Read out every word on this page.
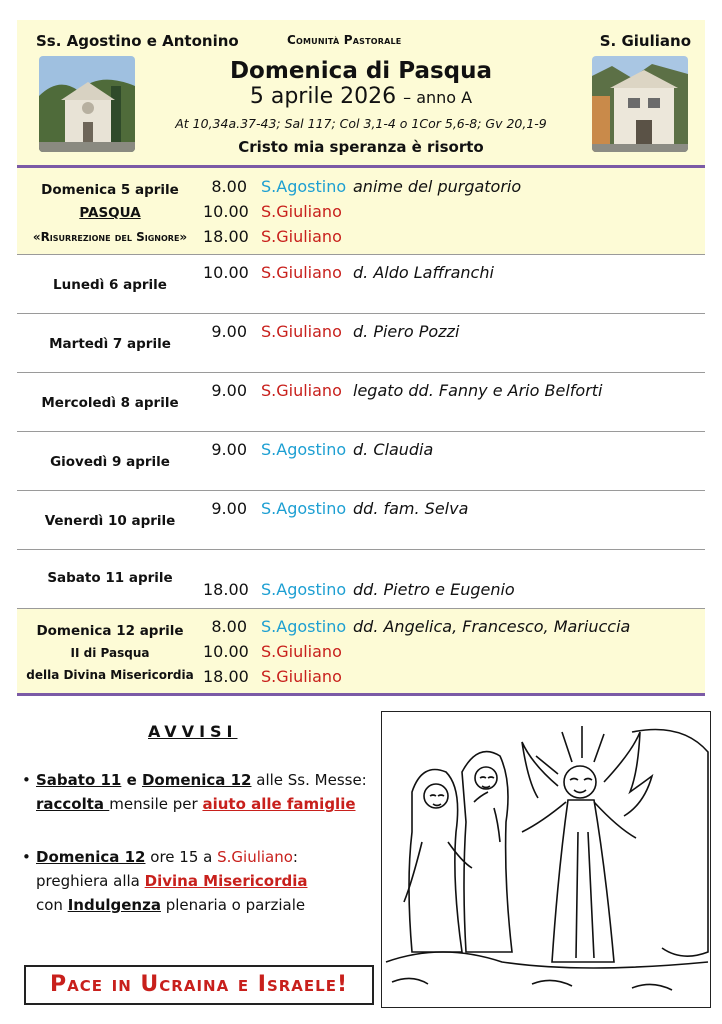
Ss. Agostino e Antonino	Comunità Pastorale	S. Giuliano
Domenica di Pasqua
5 aprile 2026 – anno A
At 10,34a.37-43; Sal 117; Col 3,1-4 o 1Cor 5,6-8; Gv 20,1-9
Cristo mia speranza è risorto
Domenica 5 aprile
PASQUA
«Risurrezione del Signore»
8.00 S.Agostino anime del purgatorio
10.00 S.Giuliano
18.00 S.Giuliano
Lunedì 6 aprile
10.00 S.Giuliano d. Aldo Laffranchi
Martedì 7 aprile
9.00 S.Giuliano d. Piero Pozzi
Mercoledì 8 aprile
9.00 S.Giuliano legato dd. Fanny e Ario Belforti
Giovedì 9 aprile
9.00 S.Agostino d. Claudia
Venerdì 10 aprile
9.00 S.Agostino dd. fam. Selva
Sabato 11 aprile
18.00 S.Agostino dd. Pietro e Eugenio
Domenica 12 aprile
II di Pasqua
della Divina Misericordia
8.00 S.Agostino dd. Angelica, Francesco, Mariuccia
10.00 S.Giuliano
18.00 S.Giuliano
AVVISI
• Sabato 11 e Domenica 12 alle Ss. Messe:
raccolta mensile per aiuto alle famiglie
• Domenica 12 ore 15 a S.Giuliano:
preghiera alla Divina Misericordia
con Indulgenza plenaria o parziale
Pace in Ucraina e Israele!
